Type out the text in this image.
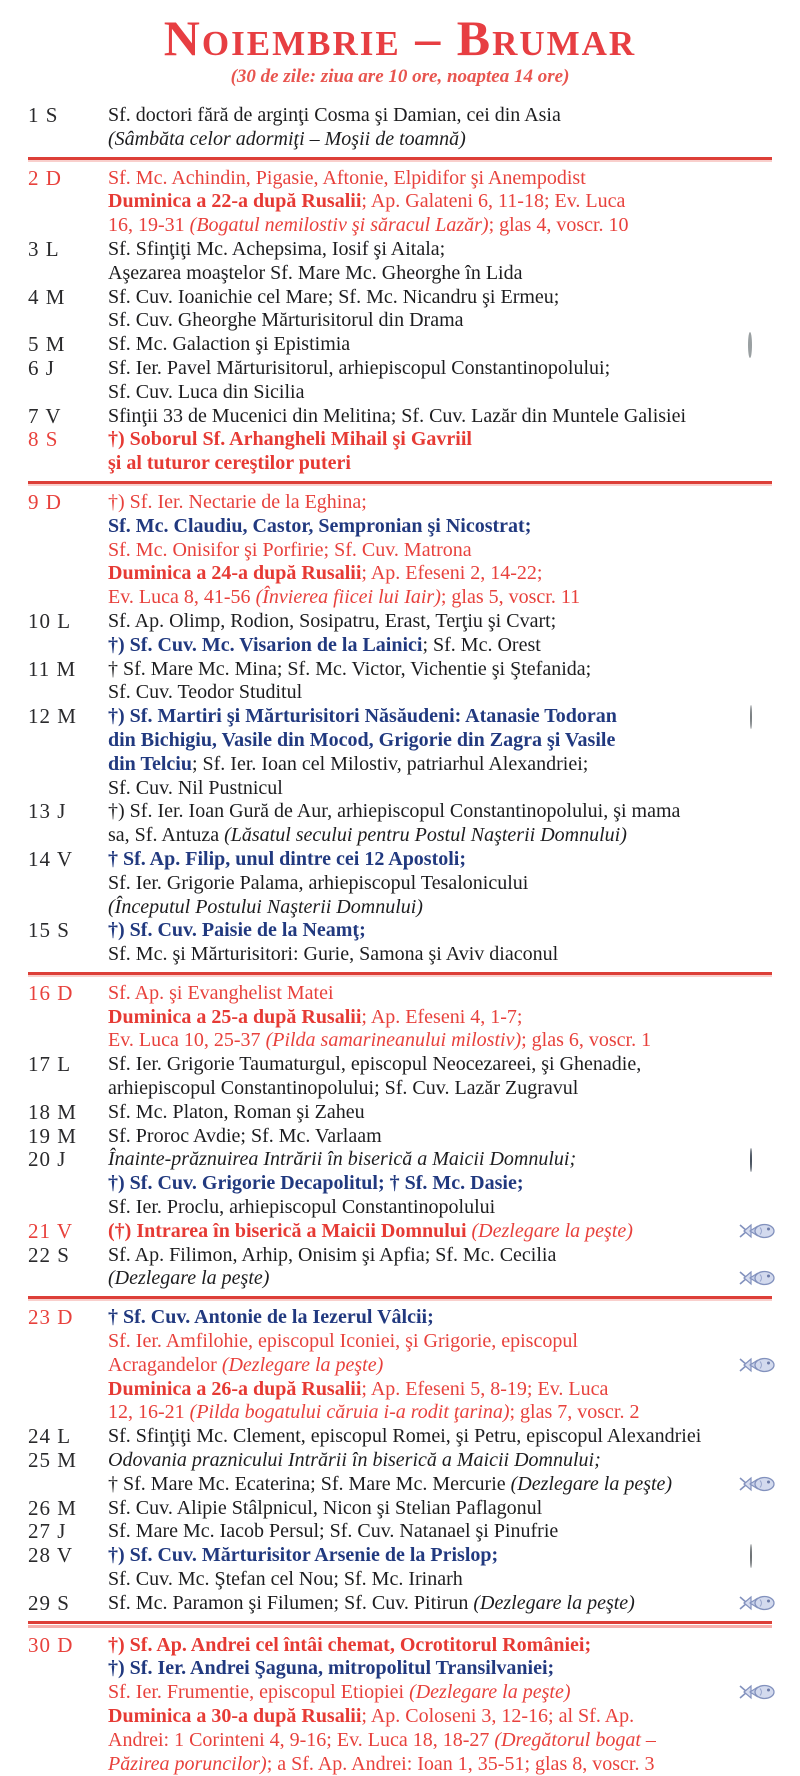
Noiembrie – Brumar
(30 de zile: ziua are 10 ore, noaptea 14 ore)
1 S	Sf. doctori fără de arginţi Cosma şi Damian, cei din Asia
(Sâmbăta celor adormiţi – Moşii de toamnă)
2 D	Sf. Mc. Achindin, Pigasie, Aftonie, Elpidifor şi Anempodist
Duminica a 22-a după Rusalii; Ap. Galateni 6, 11-18; Ev. Luca
16, 19-31 (Bogatul nemilostiv şi săracul Lazăr); glas 4, voscr. 10
3 L	Sf. Sfinţiţi Mc. Achepsima, Iosif şi Aitala;
Aşezarea moaştelor Sf. Mare Mc. Gheorghe în Lida
4 M	Sf. Cuv. Ioanichie cel Mare; Sf. Mc. Nicandru şi Ermeu;
Sf. Cuv. Gheorghe Mărturisitorul din Drama
5 M	Sf. Mc. Galaction şi Epistimia
6 J	Sf. Ier. Pavel Mărturisitorul, arhiepiscopul Constantinopolului;
Sf. Cuv. Luca din Sicilia
7 V	Sfinţii 33 de Mucenici din Melitina; Sf. Cuv. Lazăr din Muntele Galisiei
8 S	†) Soborul Sf. Arhangheli Mihail şi Gavriil
şi al tuturor cereştilor puteri
9 D	†) Sf. Ier. Nectarie de la Eghina;
Sf. Mc. Claudiu, Castor, Sempronian şi Nicostrat;
Sf. Mc. Onisifor şi Porfirie; Sf. Cuv. Matrona
Duminica a 24-a după Rusalii; Ap. Efeseni 2, 14-22;
Ev. Luca 8, 41-56 (Învierea fiicei lui Iair); glas 5, voscr. 11
10 L	Sf. Ap. Olimp, Rodion, Sosipatru, Erast, Terţiu şi Cvart;
†) Sf. Cuv. Mc. Visarion de la Lainici; Sf. Mc. Orest
11 M	† Sf. Mare Mc. Mina; Sf. Mc. Victor, Vichentie şi Ştefanida;
Sf. Cuv. Teodor Studitul
12 M	†) Sf. Martiri şi Mărturisitori Năsăudeni: Atanasie Todoran
din Bichigiu, Vasile din Mocod, Grigorie din Zagra şi Vasile
din Telciu; Sf. Ier. Ioan cel Milostiv, patriarhul Alexandriei;
Sf. Cuv. Nil Pustnicul
13 J	†) Sf. Ier. Ioan Gură de Aur, arhiepiscopul Constantinopolului, şi mama
sa, Sf. Antuza (Lăsatul secului pentru Postul Naşterii Domnului)
14 V	† Sf. Ap. Filip, unul dintre cei 12 Apostoli;
Sf. Ier. Grigorie Palama, arhiepiscopul Tesalonicului
(Începutul Postului Naşterii Domnului)
15 S	†) Sf. Cuv. Paisie de la Neamţ;
Sf. Mc. şi Mărturisitori: Gurie, Samona şi Aviv diaconul
16 D	Sf. Ap. şi Evanghelist Matei
Duminica a 25-a după Rusalii; Ap. Efeseni 4, 1-7;
Ev. Luca 10, 25-37 (Pilda samarineanului milostiv); glas 6, voscr. 1
17 L	Sf. Ier. Grigorie Taumaturgul, episcopul Neocezareei, şi Ghenadie,
arhiepiscopul Constantinopolului; Sf. Cuv. Lazăr Zugravul
18 M	Sf. Mc. Platon, Roman şi Zaheu
19 M	Sf. Proroc Avdie; Sf. Mc. Varlaam
20 J	Înainte-prăznuirea Intrării în biserică a Maicii Domnului;
†) Sf. Cuv. Grigorie Decapolitul; † Sf. Mc. Dasie;
Sf. Ier. Proclu, arhiepiscopul Constantinopolului
21 V	(†) Intrarea în biserică a Maicii Domnului (Dezlegare la peşte)
22 S	Sf. Ap. Filimon, Arhip, Onisim şi Apfia; Sf. Mc. Cecilia
(Dezlegare la peşte)
23 D	† Sf. Cuv. Antonie de la Iezerul Vâlcii;
Sf. Ier. Amfilohie, episcopul Iconiei, şi Grigorie, episcopul
Acragandelor (Dezlegare la peşte)
Duminica a 26-a după Rusalii; Ap. Efeseni 5, 8-19; Ev. Luca
12, 16-21 (Pilda bogatului căruia i-a rodit ţarina); glas 7, voscr. 2
24 L	Sf. Sfinţiţi Mc. Clement, episcopul Romei, şi Petru, episcopul Alexandriei
25 M	Odovania praznicului Intrării în biserică a Maicii Domnului;
† Sf. Mare Mc. Ecaterina; Sf. Mare Mc. Mercurie (Dezlegare la peşte)
26 M	Sf. Cuv. Alipie Stâlpnicul, Nicon şi Stelian Paflagonul
27 J	Sf. Mare Mc. Iacob Persul; Sf. Cuv. Natanael şi Pinufrie
28 V	†) Sf. Cuv. Mărturisitor Arsenie de la Prislop;
Sf. Cuv. Mc. Ştefan cel Nou; Sf. Mc. Irinarh
29 S	Sf. Mc. Paramon şi Filumen; Sf. Cuv. Pitirun (Dezlegare la peşte)
30 D	†) Sf. Ap. Andrei cel întâi chemat, Ocrotitorul României;
†) Sf. Ier. Andrei Şaguna, mitropolitul Transilvaniei;
Sf. Ier. Frumentie, episcopul Etiopiei (Dezlegare la peşte)
Duminica a 30-a după Rusalii; Ap. Coloseni 3, 12-16; al Sf. Ap.
Andrei: 1 Corinteni 4, 9-16; Ev. Luca 18, 18-27 (Dregătorul bogat –
Păzirea poruncilor); a Sf. Ap. Andrei: Ioan 1, 35-51; glas 8, voscr. 3
